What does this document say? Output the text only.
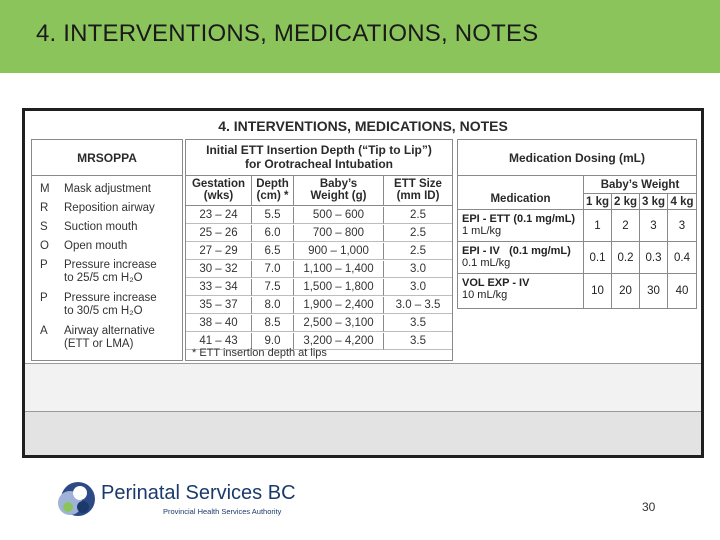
4. INTERVENTIONS, MEDICATIONS, NOTES
4. INTERVENTIONS, MEDICATIONS, NOTES
MRSOPPA
M	Mask adjustment
R	Reposition airway
S	Suction mouth
O	Open mouth
P	Pressure increase
to 25/5 cm H₂O
P	Pressure increase
to 30/5 cm H₂O
A	Airway alternative
(ETT or LMA)
Initial ETT Insertion Depth (“Tip to Lip”)
for Orotracheal Intubation
Gestation
(wks)
Depth
(cm) *
Baby’s
Weight (g)
ETT Size
(mm ID)
23 – 24	5.5	500 – 600	2.5
25 – 26	6.0	700 – 800	2.5
27 – 29	6.5	900 – 1,000	2.5
30 – 32	7.0	1,100 – 1,400	3.0
33 – 34	7.5	1,500 – 1,800	3.0
35 – 37	8.0	1,900 – 2,400	3.0 – 3.5
38 – 40	8.5	2,500 – 3,100	3.5
41 – 43	9.0	3,200 – 4,200	3.5
* ETT insertion depth at lips
Medication Dosing (mL)
Medication
Baby’s Weight
1 kg 2 kg 3 kg 4 kg
EPI - ETT (0.1 mg/mL)
1 mL/kg	1	2	3	3
EPI - IV (0.1 mg/mL)
0.1 mL/kg	0.1	0.2	0.3	0.4
VOL EXP - IV
10 mL/kg	10	20	30	40
Perinatal Services BC
Provincial Health Services Authority	30
